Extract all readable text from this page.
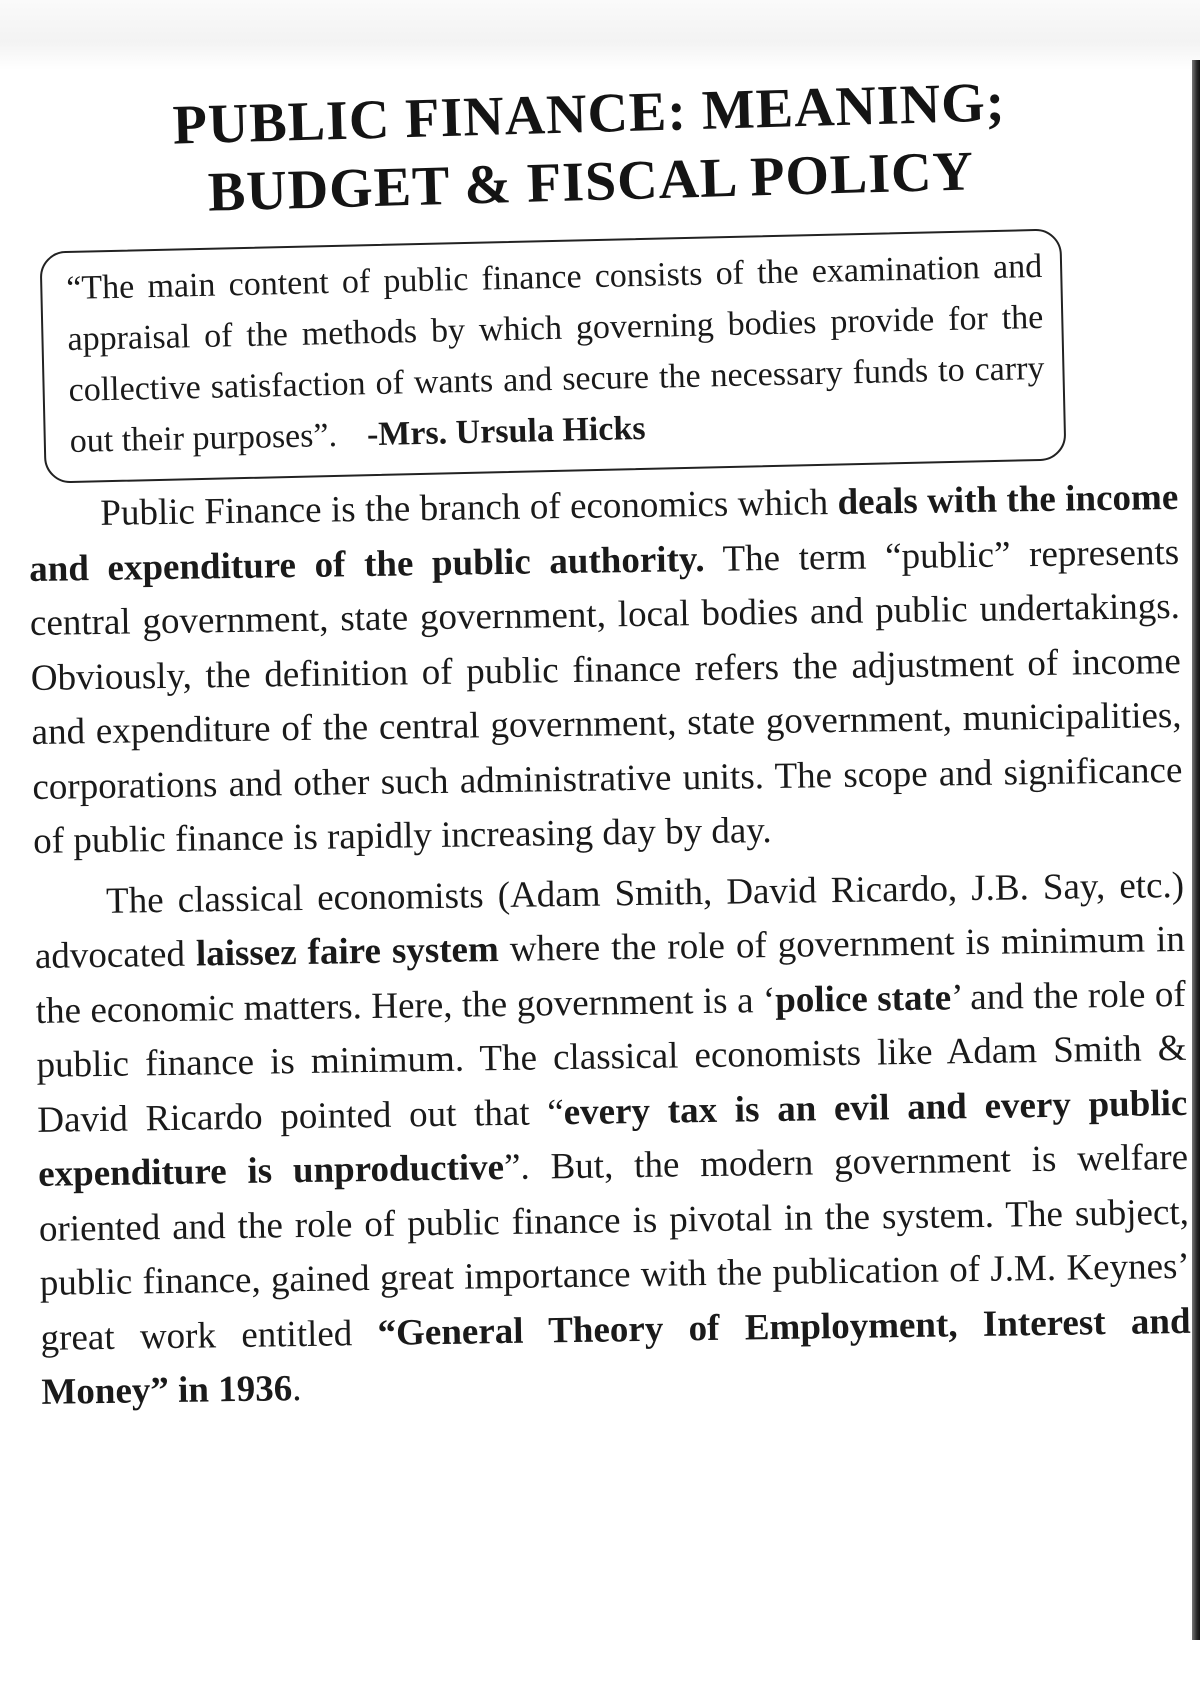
PUBLIC FINANCE: MEANING;
BUDGET & FISCAL POLICY

“The main content of public finance consists of the examination and appraisal of the methods by which governing bodies provide for the collective satisfaction of wants and secure the necessary funds to carry out their purposes”. -Mrs. Ursula Hicks

Public Finance is the branch of economics which deals with the income and expenditure of the public authority. The term “public” represents central government, state government, local bodies and public undertakings. Obviously, the definition of public finance refers the adjustment of income and expenditure of the central government, state government, municipalities, corporations and other such administrative units. The scope and significance of public finance is rapidly increasing day by day.

The classical economists (Adam Smith, David Ricardo, J.B. Say, etc.) advocated laissez faire system where the role of government is minimum in the economic matters. Here, the government is a ‘police state’ and the role of public finance is minimum. The classical economists like Adam Smith & David Ricardo pointed out that “every tax is an evil and every public expenditure is unproductive”. But, the modern government is welfare oriented and the role of public finance is pivotal in the system. The subject, public finance, gained great importance with the publication of J.M. Keynes’ great work entitled “General Theory of Employment, Interest and Money” in 1936.
